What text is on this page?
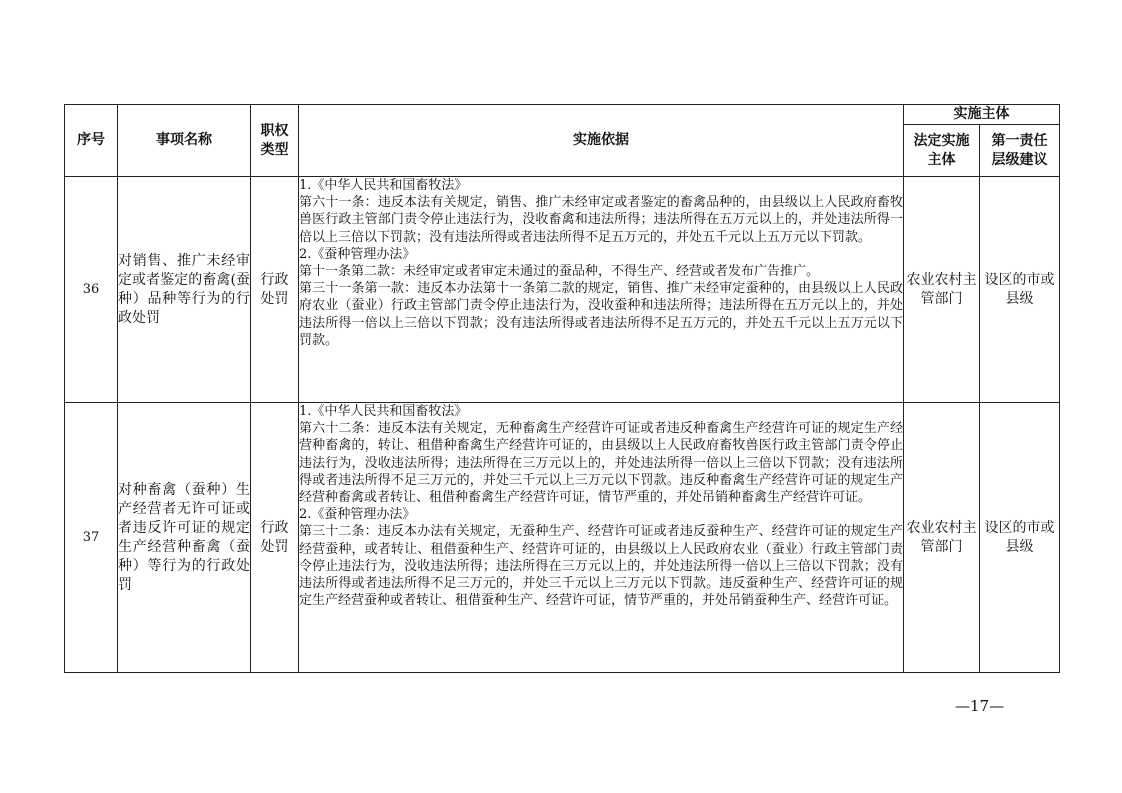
序号	事项名称	职权类型	实施依据	实施主体	
				法定实施主体	第一责任层级建议
36	对销售、推广未经审定或者鉴定的畜禽(蚕种）品种等行为的行政处罚	行政处罚	1.《中华人民共和国畜牧法》
第六十一条：违反本法有关规定，销售、推广未经审定或者鉴定的畜禽品种的，由县级以上人民政府畜牧兽医行政主管部门责令停止违法行为，没收畜禽和违法所得；违法所得在五万元以上的，并处违法所得一倍以上三倍以下罚款；没有违法所得或者违法所得不足五万元的，并处五千元以上五万元以下罚款。
2.《蚕种管理办法》
第十一条第二款：未经审定或者审定未通过的蚕品种，不得生产、经营或者发布广告推广。
第三十一条第一款：违反本办法第十一条第二款的规定，销售、推广未经审定蚕种的，由县级以上人民政府农业（蚕业）行政主管部门责令停止违法行为，没收蚕种和违法所得；违法所得在五万元以上的，并处违法所得一倍以上三倍以下罚款；没有违法所得或者违法所得不足五万元的，并处五千元以上五万元以下罚款。	农业农村主管部门	设区的市或县级
37	对种畜禽（蚕种）生产经营者无许可证或者违反许可证的规定生产经营种畜禽（蚕种）等行为的行政处罚	行政处罚	1.《中华人民共和国畜牧法》
第六十二条：违反本法有关规定，无种畜禽生产经营许可证或者违反种畜禽生产经营许可证的规定生产经营种畜禽的，转让、租借种畜禽生产经营许可证的，由县级以上人民政府畜牧兽医行政主管部门责令停止违法行为，没收违法所得；违法所得在三万元以上的，并处违法所得一倍以上三倍以下罚款；没有违法所得或者违法所得不足三万元的，并处三千元以上三万元以下罚款。违反种畜禽生产经营许可证的规定生产经营种畜禽或者转让、租借种畜禽生产经营许可证，情节严重的，并处吊销种畜禽生产经营许可证。
2.《蚕种管理办法》
第三十二条：违反本办法有关规定，无蚕种生产、经营许可证或者违反蚕种生产、经营许可证的规定生产经营蚕种，或者转让、租借蚕种生产、经营许可证的，由县级以上人民政府农业（蚕业）行政主管部门责令停止违法行为，没收违法所得；违法所得在三万元以上的，并处违法所得一倍以上三倍以下罚款；没有违法所得或者违法所得不足三万元的，并处三千元以上三万元以下罚款。违反蚕种生产、经营许可证的规定生产经营蚕种或者转让、租借蚕种生产、经营许可证，情节严重的，并处吊销蚕种生产、经营许可证。	农业农村主管部门	设区的市或县级
—17—
